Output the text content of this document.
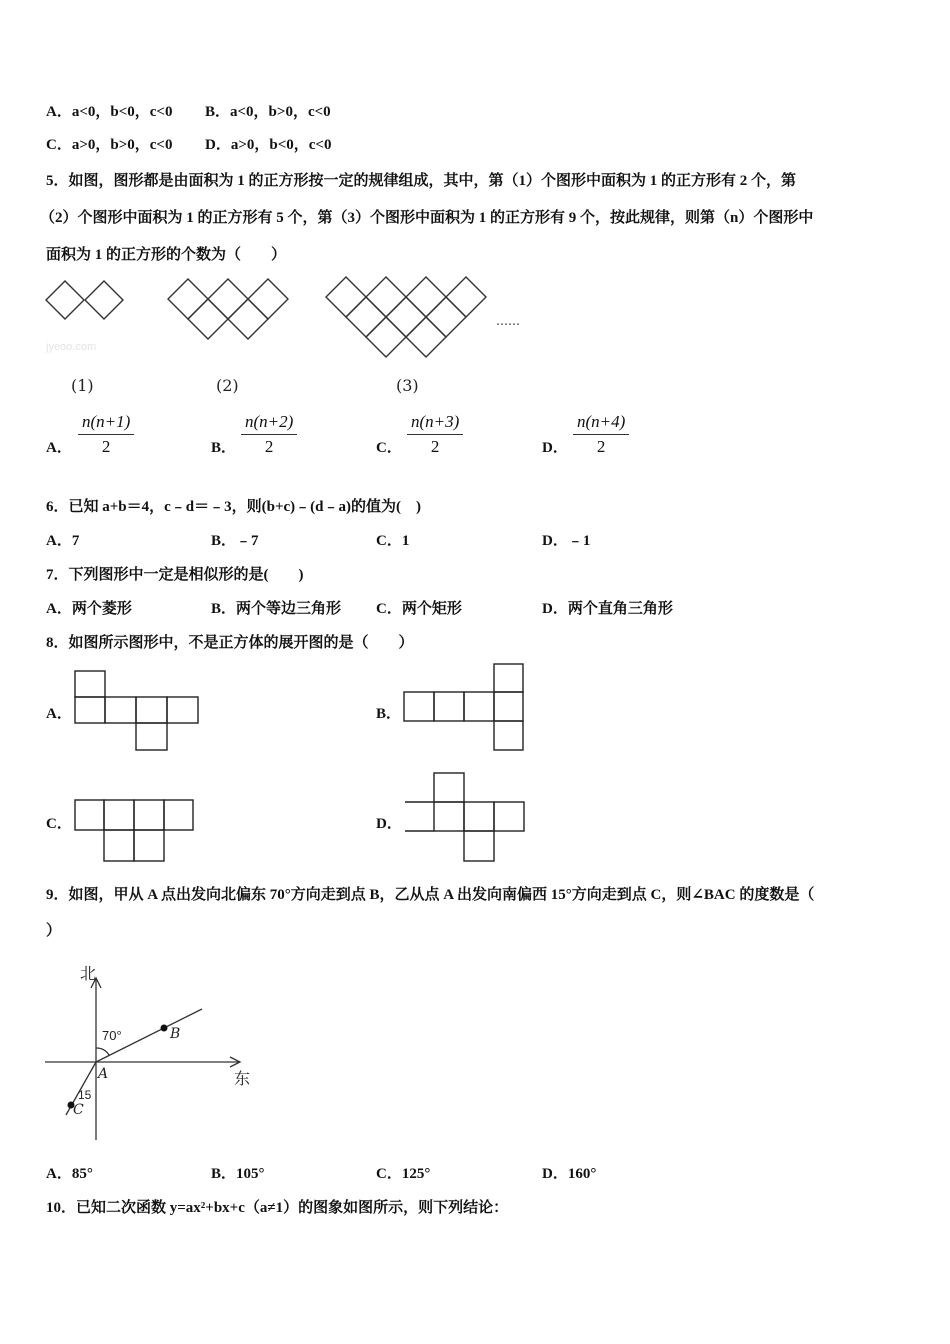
A．a<0，b<0，c<0 B．a<0，b>0，c<0
C．a>0，b>0，c<0 D．a>0，b<0，c<0
5．如图，图形都是由面积为 1 的正方形按一定的规律组成，其中，第（1）个图形中面积为 1 的正方形有 2 个，第
（2）个图形中面积为 1 的正方形有 5 个，第（3）个图形中面积为 1 的正方形有 9 个，按此规律，则第（n）个图形中
面积为 1 的正方形的个数为（　　）
……
jyeoo.com
(1)	(2)	(3)
A． $\frac{n(n+1)}{2}$	B． $\frac{n(n+2)}{2}$	C． $\frac{n(n+3)}{2}$	D． $\frac{n(n+4)}{2}$
6．已知 a+b＝4，c﹣d＝﹣3，则(b+c)﹣(d﹣a)的值为(　)
A．7	B．﹣7	C．1	D．﹣1
7．下列图形中一定是相似形的是(　　)
A．两个菱形	B．两个等边三角形 C．两个矩形	D．两个直角三角形
8．如图所示图形中，不是正方体的展开图的是（　　）
A．	B．
C．	D．
9．如图，甲从 A 点出发向北偏东 70°方向走到点 B，乙从点 A 出发向南偏西 15°方向走到点 C，则∠BAC 的度数是（
）
北
东
70°
15
A
B
C
A．85°	B．105°	C．125°	D．160°
10．已知二次函数 y=ax²+bx+c（a≠1）的图象如图所示，则下列结论：
